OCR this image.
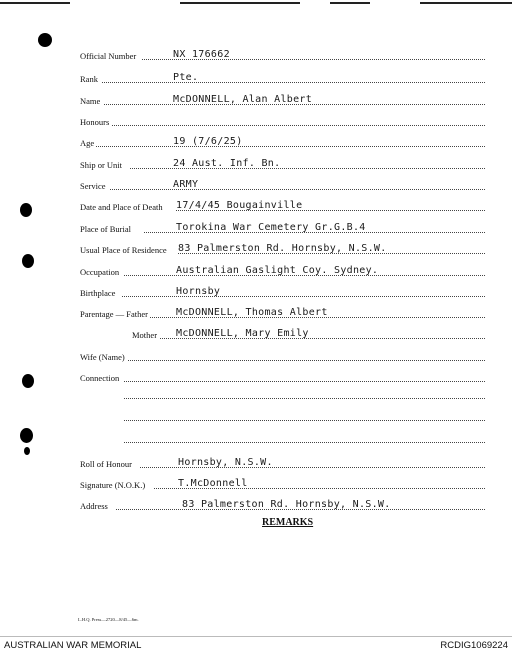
Official Number	NX 176662
Rank	Pte.
Name	McDONNELL, Alan Albert
Honours
Age	19 (7/6/25)
Ship or Unit	24 Aust. Inf. Bn.
Service	ARMY
Date and Place of Death 17/4/45 Bougainville
Place of Burial	Torokina War Cemetery Gr.G.B.4
Usual Place of Residence 83 Palmerston Rd. Hornsby, N.S.W.
Occupation	Australian Gaslight Coy. Sydney.
Birthplace	Hornsby
Parentage — Father	McDONNELL, Thomas Albert
Mother McDONNELL, Mary Emily
Wife (Name)
Connection
Roll of Honour	Hornsby, N.S.W.
Signature (N.O.K.)	T.McDonnell
Address	83 Palmerston Rd. Hornsby, N.S.W.
REMARKS
L.H.Q. Press—2720—8/45—6m.
AUSTRALIAN WAR MEMORIAL	RCDIG1069224
